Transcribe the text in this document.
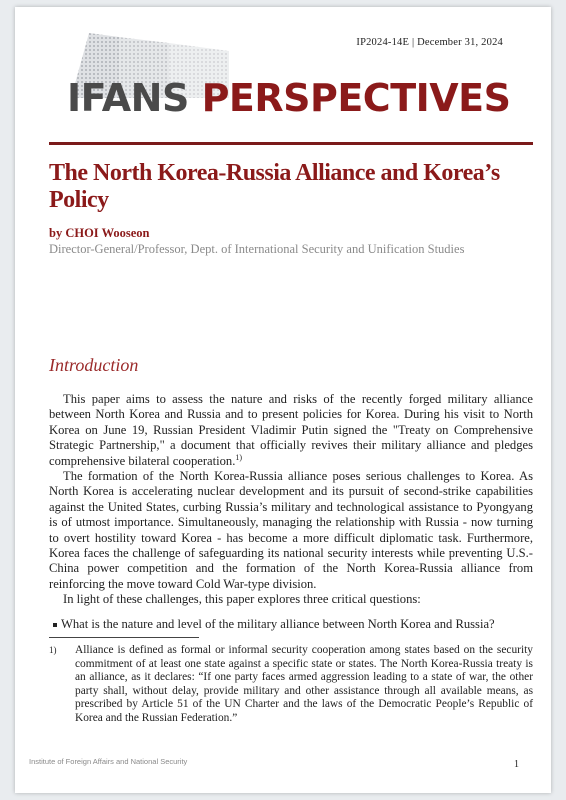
IP2024-14E | December 31, 2024
IFANS PERSPECTIVES
The North Korea-Russia Alliance and Korea’s Policy
by CHOI Wooseon
Director-General/Professor, Dept. of International Security and Unification Studies
Introduction

This paper aims to assess the nature and risks of the recently forged military alliance between North Korea and Russia and to present policies for Korea. During his visit to North Korea on June 19, Russian President Vladimir Putin signed the "Treaty on Comprehensive Strategic Partnership," a document that officially revives their military alliance and pledges comprehensive bilateral cooperation.$^{1)}$

The formation of the North Korea-Russia alliance poses serious challenges to Korea. As North Korea is accelerating nuclear development and its pursuit of second-strike capabilities against the United States, curbing Russia’s military and technological assistance to Pyongyang is of utmost importance. Simultaneously, managing the relationship with Russia - now turning to overt hostility toward Korea - has become a more difficult diplomatic task. Furthermore, Korea faces the challenge of safeguarding its national security interests while preventing U.S.-China power competition and the formation of the North Korea-Russia alliance from reinforcing the move toward Cold War-type division.

In light of these challenges, this paper explores three critical questions:

What is the nature and level of the military alliance between North Korea and Russia?
1) Alliance is defined as formal or informal security cooperation among states based on the security commitment of at least one state against a specific state or states. The North Korea-Russia treaty is an alliance, as it declares: “If one party faces armed aggression leading to a state of war, the other party shall, without delay, provide military and other assistance through all available means, as prescribed by Article 51 of the UN Charter and the laws of the Democratic People’s Republic of Korea and the Russian Federation.”
Institute of Foreign Affairs and National Security	1
